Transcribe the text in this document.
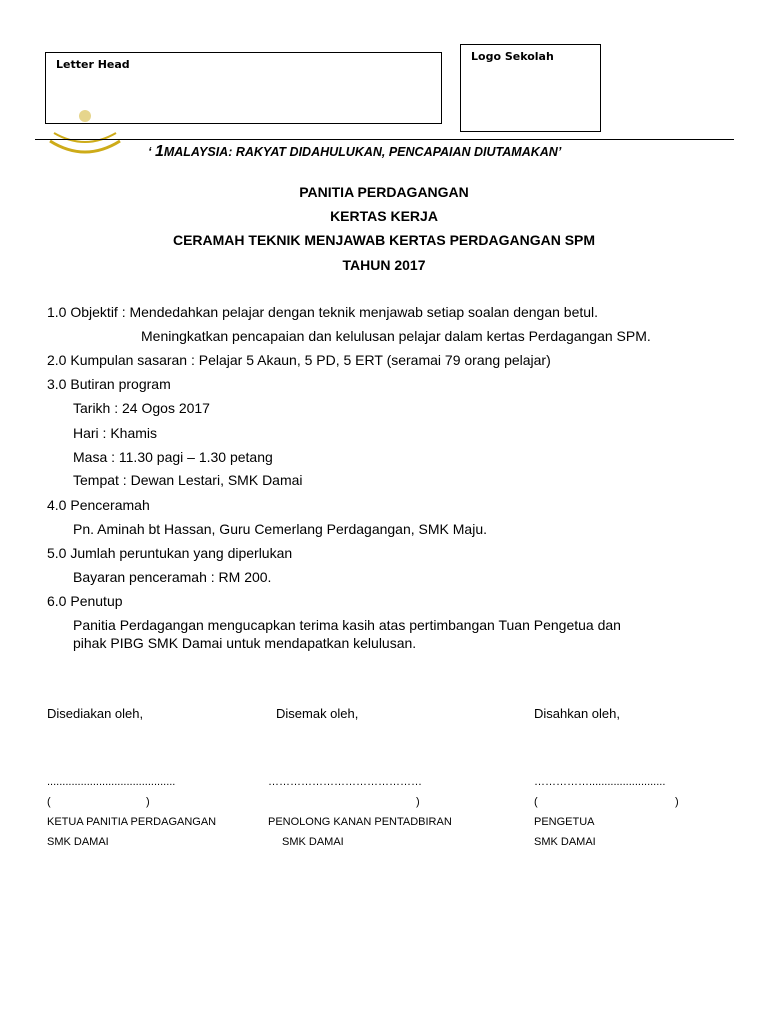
Letter Head
Logo Sekolah
‘ 1MALAYSIA: RAKYAT DIDAHULUKAN, PENCAPAIAN DIUTAMAKAN’
PANITIA PERDAGANGAN
KERTAS KERJA
CERAMAH TEKNIK MENJAWAB KERTAS PERDAGANGAN SPM
TAHUN 2017
1.0 Objektif : Mendedahkan pelajar dengan teknik menjawab setiap soalan dengan betul.
Meningkatkan pencapaian dan kelulusan pelajar dalam kertas Perdagangan SPM.
2.0 Kumpulan sasaran : Pelajar 5 Akaun, 5 PD, 5 ERT (seramai 79 orang pelajar)
3.0 Butiran program
Tarikh : 24 Ogos 2017
Hari : Khamis
Masa : 11.30 pagi – 1.30 petang
Tempat : Dewan Lestari, SMK Damai
4.0 Penceramah
Pn. Aminah bt Hassan, Guru Cemerlang Perdagangan, SMK Maju.
5.0 Jumlah peruntukan yang diperlukan
Bayaran penceramah : RM 200.
6.0 Penutup
Panitia Perdagangan mengucapkan terima kasih atas pertimbangan Tuan Pengetua dan
pihak PIBG SMK Damai untuk mendapatkan kelulusan.
Disediakan oleh,
..........................................
(	)
KETUA PANITIA PERDAGANGAN
SMK DAMAI
Disemak oleh,
……………………………………
)
PENOLONG KANAN PENTADBIRAN
SMK DAMAI
Disahkan oleh,
…………….........................
(	)
PENGETUA
SMK DAMAI
